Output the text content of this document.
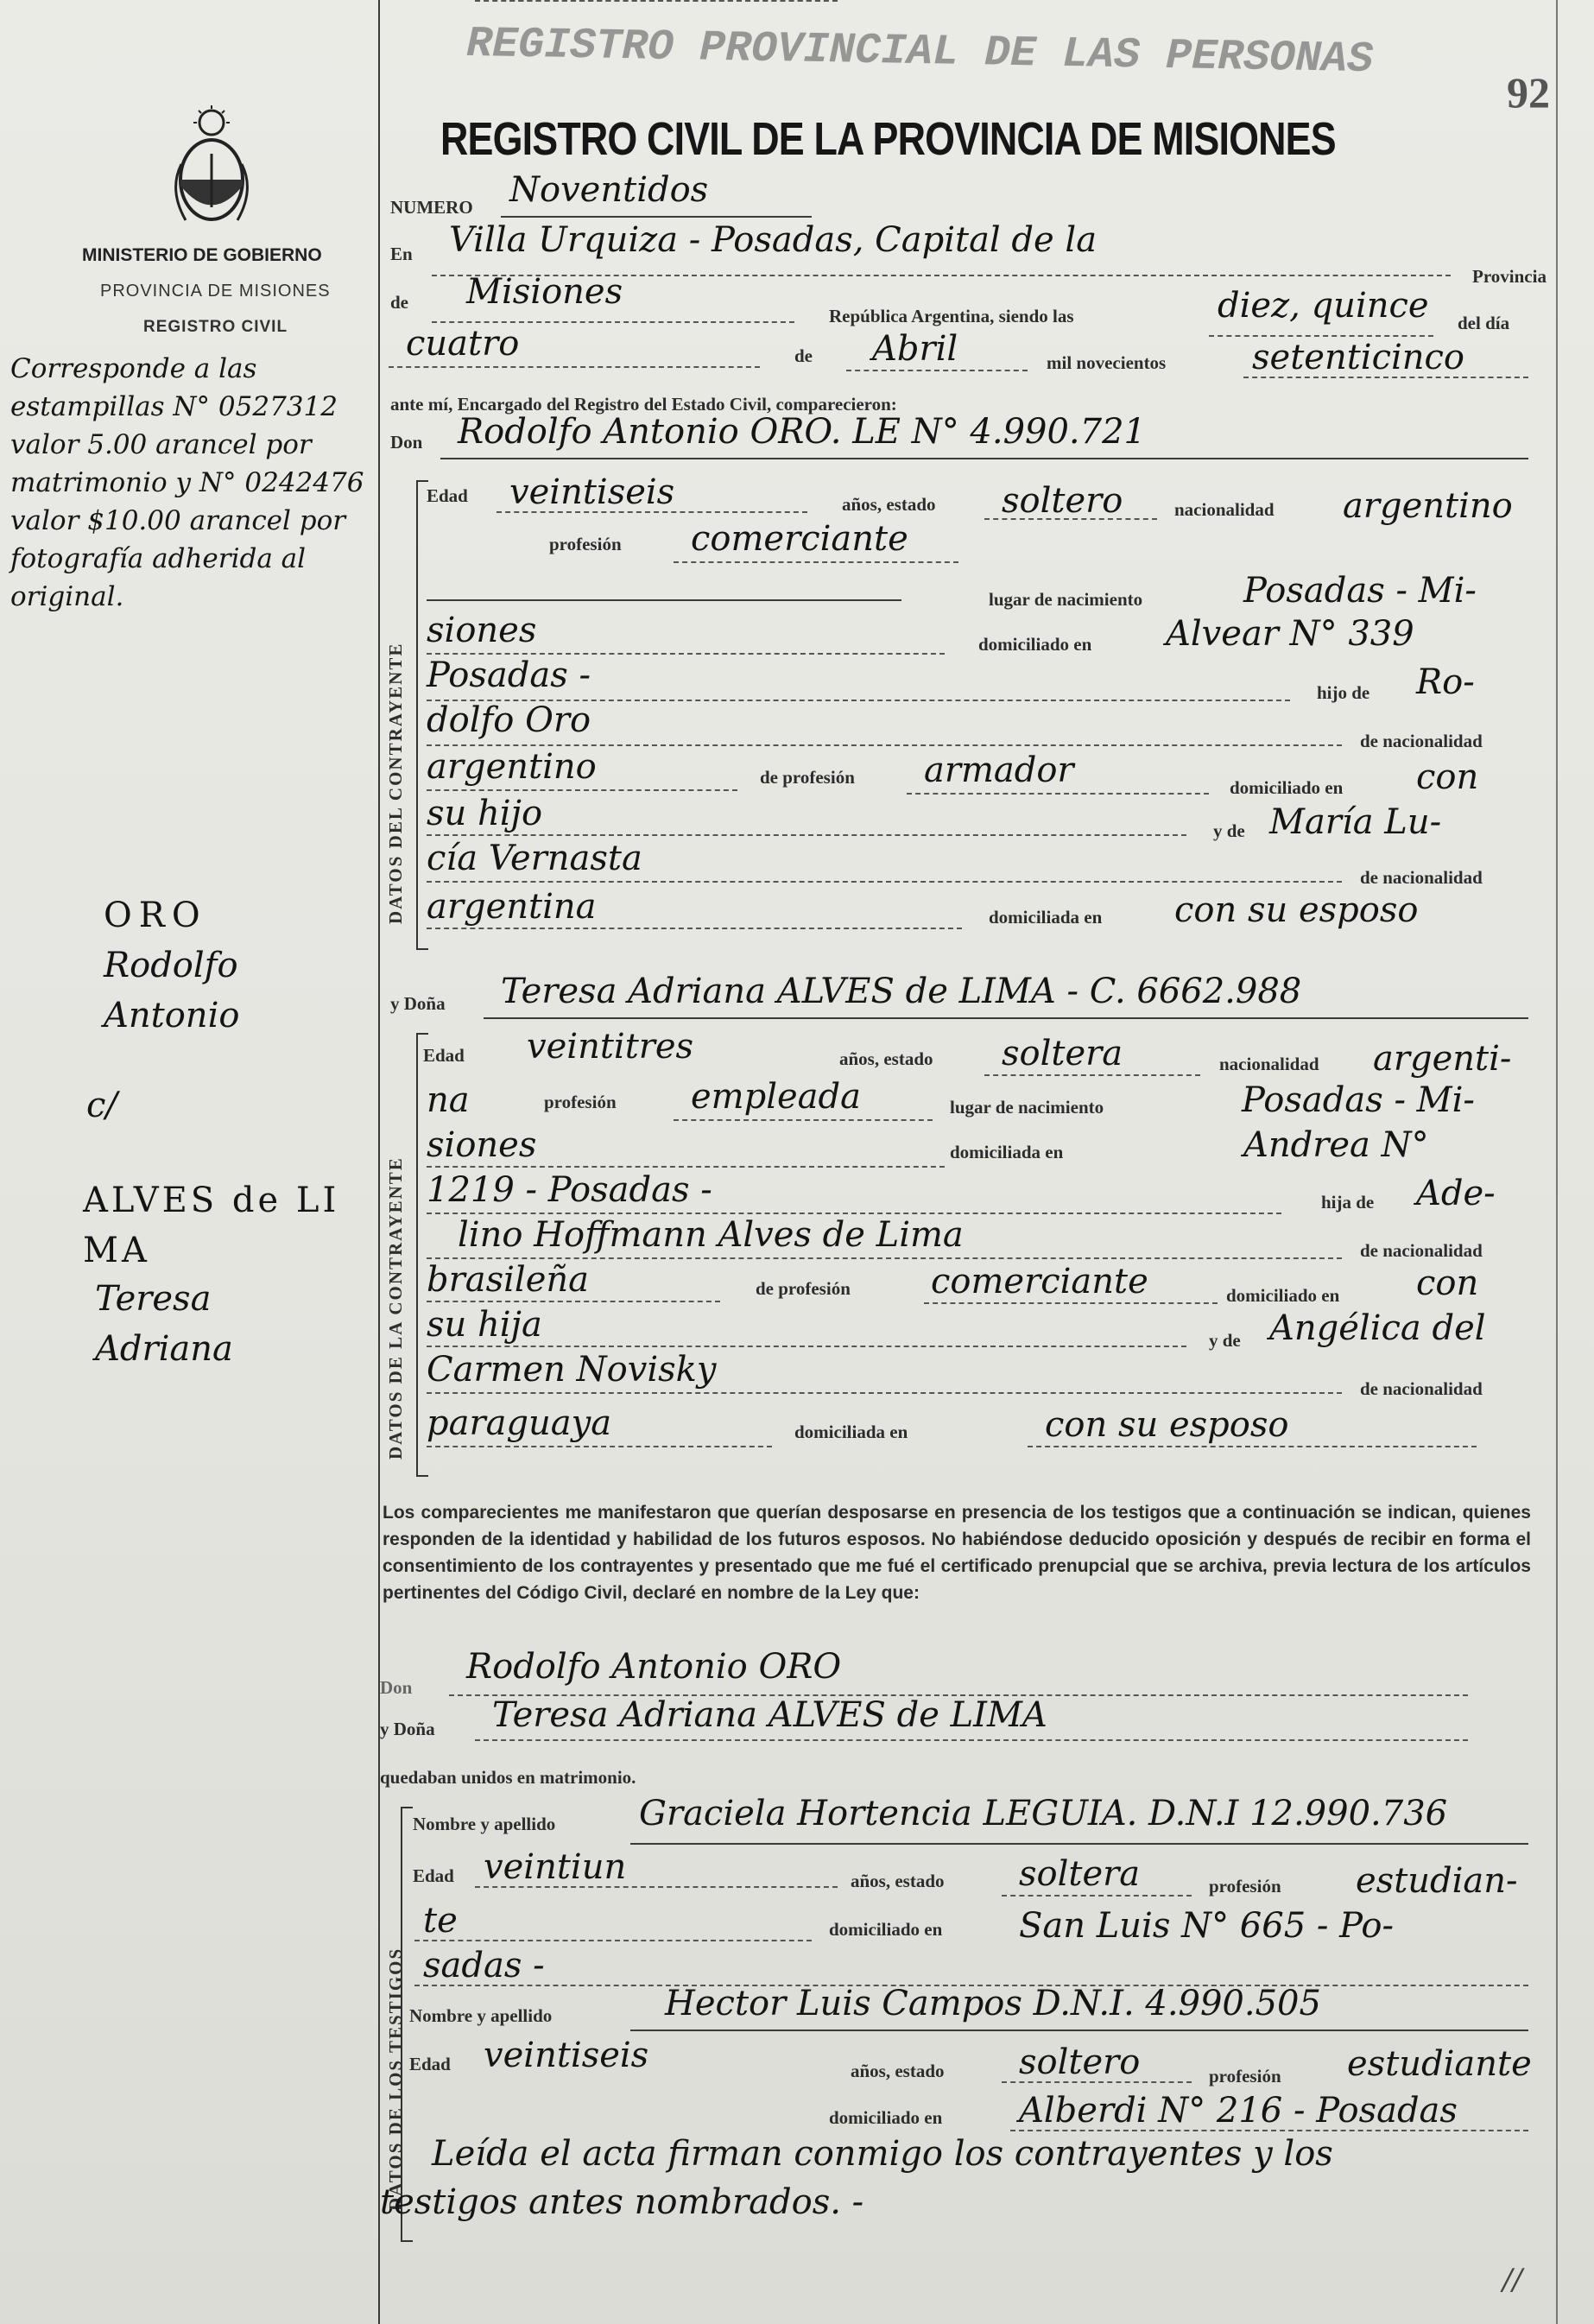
MINISTERIO DE GOBIERNO
PROVINCIA DE MISIONES
REGISTRO CIVIL
Corresponde a las estampillas N° 0527312 valor 5.00 arancel por matrimonio y N° 0242476 valor $10.00 arancel por fotografía adherida al original.
ORO
Rodolfo
Antonio
c/
ALVES de LI
MA
Teresa
Adriana
REGISTRO PROVINCIAL DE LAS PERSONAS
92
REGISTRO CIVIL DE LA PROVINCIA DE MISIONES
NUMERO Noventidos
En Villa Urquiza - Posadas, Capital de la
Provincia
de Misiones
República Argentina, siendo las	diez, quince del día
cuatro	de Abril	mil novecientos setenticinco
ante mí, Encargado del Registro del Estado Civil, comparecieron:
Don Rodolfo Antonio ORO. LE N° 4.990.721
DATOS DEL CONTRAYENTE
Edad veintiseis	años, estado soltero	nacionalidad argentino
profesión comerciante
lugar de nacimiento	Posadas - Mi-
siones	domiciliado en Alvear N° 339
Posadas -	hijo de Ro-
dolfo Oro
de nacionalidad
argentino	de profesión armador	domiciliado en con
su hijo	y de María Lu-
cía Vernasta	de nacionalidad
argentina	domiciliada en con su esposo
y Doña Teresa Adriana ALVES de LIMA - C. 6662.988
DATOS DE LA CONTRAYENTE
Edad veintitres	años, estado soltera	nacionalidad argenti-
na	profesión empleada	lugar de nacimiento	Posadas - Mi-
siones	domiciliada en	Andrea N°
1219 - Posadas -	hija de Ade-
lino Hoffmann Alves de Lima	de nacionalidad
brasileña	de profesión comerciante	domiciliado en con
su hija	y de Angélica del
Carmen Novisky	de nacionalidad
paraguaya	domiciliada en	con su esposo
Los comparecientes me manifestaron que querían desposarse en presencia de los testigos que a continuación se indican, quienes responden de la identidad y habilidad de los futuros esposos. No habiéndose deducido oposición y después de recibir en forma el consentimiento de los contrayentes y presentado que me fué el certificado prenupcial que se archiva, previa lectura de los artículos pertinentes del Código Civil, declaré en nombre de la Ley que:
Don
Rodolfo Antonio ORO
y Doña Teresa Adriana ALVES de LIMA
quedaban unidos en matrimonio.
DATOS DE LOS TESTIGOS
Nombre y apellido Graciela Hortencia LEGUIA. D.N.I 12.990.736
Edad veintiun	años, estado soltera	profesión estudian-
te	domiciliado en San Luis N° 665 - Po-
sadas -
Nombre y apellido	Hector Luis Campos D.N.I. 4.990.505
Edad veintiseis	años, estado soltero	profesión estudiante
domiciliado en Alberdi N° 216 - Posadas
Leída el acta firman conmigo los contrayentes y los
testigos antes nombrados. -
//
